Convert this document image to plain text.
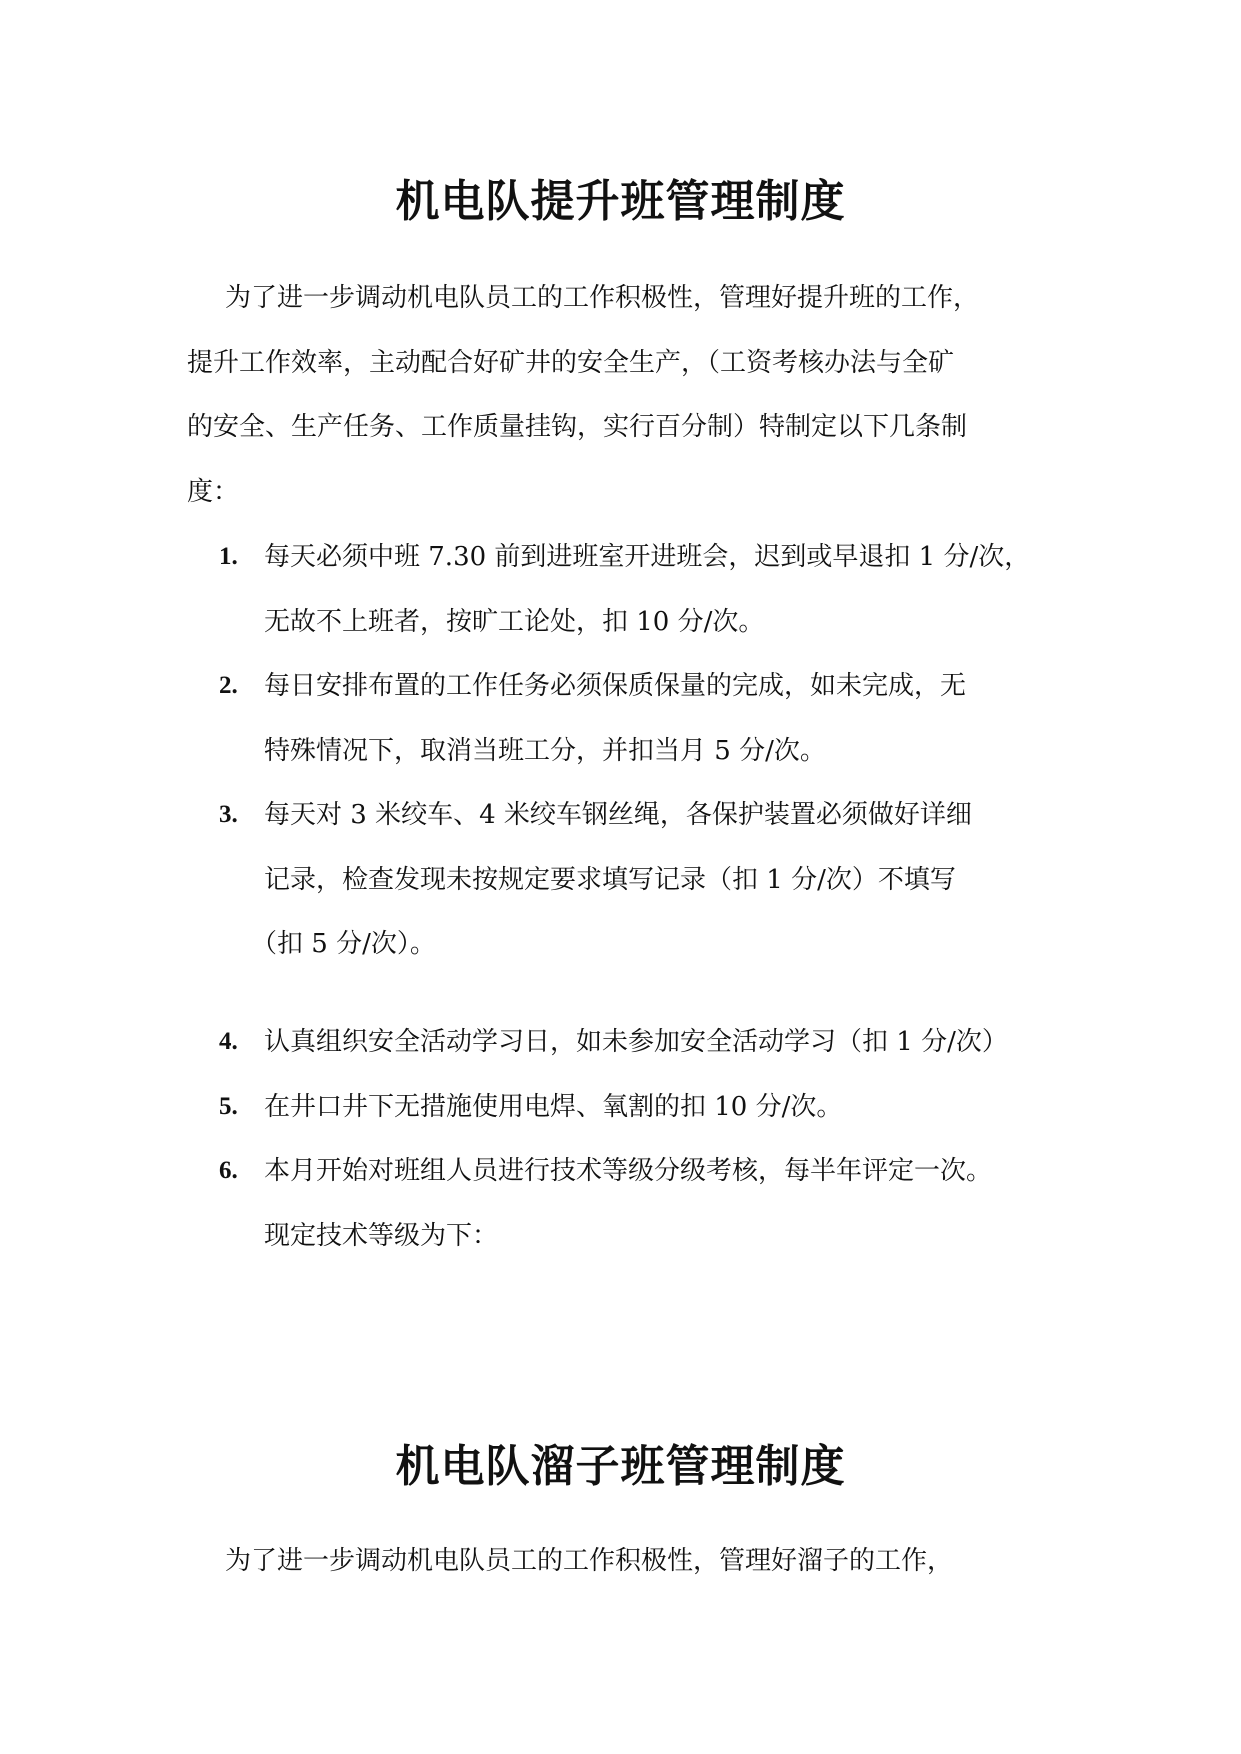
机电队提升班管理制度
为了进一步调动机电队员工的工作积极性，管理好提升班的工作，
提升工作效率，主动配合好矿井的安全生产，（工资考核办法与全矿
的安全、生产任务、工作质量挂钩，实行百分制）特制定以下几条制
度：
1. 每天必须中班 7.30 前到进班室开进班会，迟到或早退扣 1 分/次，
无故不上班者，按旷工论处，扣 10 分/次。
2. 每日安排布置的工作任务必须保质保量的完成，如未完成，无
特殊情况下，取消当班工分，并扣当月 5 分/次。
3. 每天对 3 米绞车、4 米绞车钢丝绳，各保护装置必须做好详细
记录，检查发现未按规定要求填写记录（扣 1 分/次）不填写
（扣 5 分/次）。
4. 认真组织安全活动学习日，如未参加安全活动学习（扣 1 分/次）
5. 在井口井下无措施使用电焊、氧割的扣 10 分/次。
6. 本月开始对班组人员进行技术等级分级考核，每半年评定一次。
现定技术等级为下：
机电队溜子班管理制度
为了进一步调动机电队员工的工作积极性，管理好溜子的工作，
